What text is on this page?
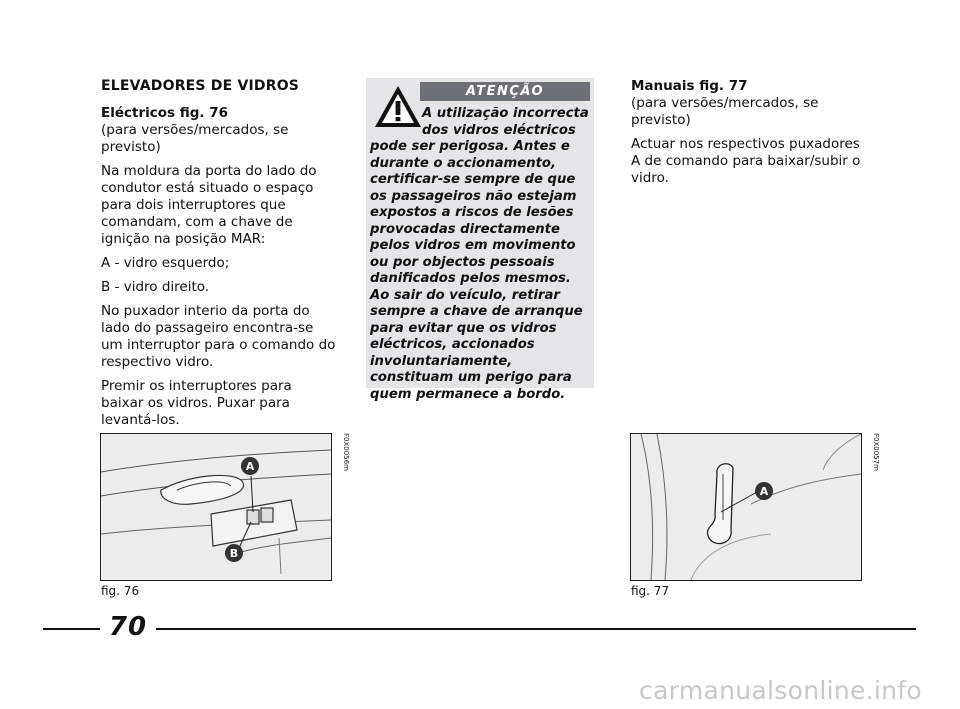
ELEVADORES DE VIDROS
Eléctricos fig. 76

(para versões/mercados, se previsto)

Na moldura da porta do lado do condutor está situado o espaço para dois interruptores que comandam, com a chave de ignição na posição MAR:

A - vidro esquerdo;

B - vidro direito.

No puxador interio da porta do lado do passageiro encontra-se um interruptor para o comando do respectivo vidro.

Premir os interruptores para baixar os vidros. Puxar para levantá-los.

ATENÇÃO
A utilização incorrecta dos vidros eléctricos pode ser perigosa. Antes e durante o accionamento, certificar-se sempre de que os passageiros não estejam expostos a riscos de lesões provocadas directamente pelos vidros em movimento ou por objectos pessoais danificados pelos mesmos. Ao sair do veículo, retirar sempre a chave de arranque para evitar que os vidros eléctricos, accionados involuntariamente, constituam um perigo para quem permanece a bordo.
Manuais fig. 77

(para versões/mercados, se previsto)

Actuar nos respectivos puxadores A de comando para baixar/subir o vidro.

A
B
F0X0056m
fig. 76
A
F0X0057m
fig. 77
70
carmanualsonline.info
